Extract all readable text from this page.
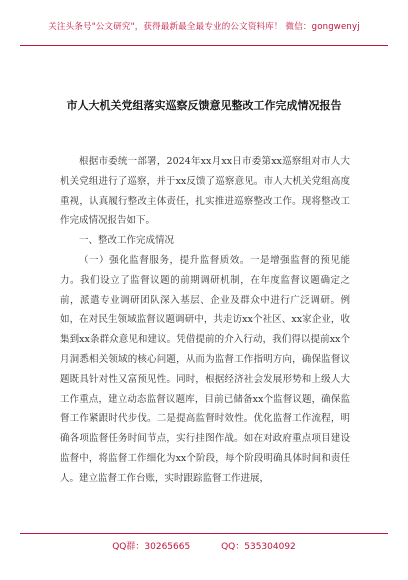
关注头条号"公文研究"，获得最新最全最专业的公文资料库！ 微信：gongwenyj
市人大机关党组落实巡察反馈意见整改工作完成情况报告

根据市委统一部署，2024年xx月xx日市委第xx巡察组对市人大机关党组进行了巡察，并于xx反馈了巡察意见。市人大机关党组高度重视，认真履行整改主体责任，扎实推进巡察整改工作。现将整改工作完成情况报告如下。

一、整改工作完成情况

（一）强化监督服务，提升监督质效。一是增强监督的预见能力。我们设立了监督议题的前期调研机制，在年度监督议题确定之前，派遣专业调研团队深入基层、企业及群众中进行广泛调研。例如，在对民生领域监督议题调研中，共走访xx个社区、xx家企业，收集到xx条群众意见和建议。凭借提前的介入行动，我们得以提前xx个月洞悉相关领域的核心问题，从而为监督工作指明方向，确保监督议题既具针对性又富预见性。同时，根据经济社会发展形势和上级人大工作重点，建立动态监督议题库，目前已储备xx个监督议题，确保监督工作紧跟时代步伐。二是提高监督时效性。优化监督工作流程，明确各项监督任务时间节点，实行挂图作战。如在对政府重点项目建设监督中，将监督工作细化为xx个阶段，每个阶段明确具体时间和责任人。建立监督工作台账，实时跟踪监督工作进展，

QQ群：30265665	QQ：535304092
